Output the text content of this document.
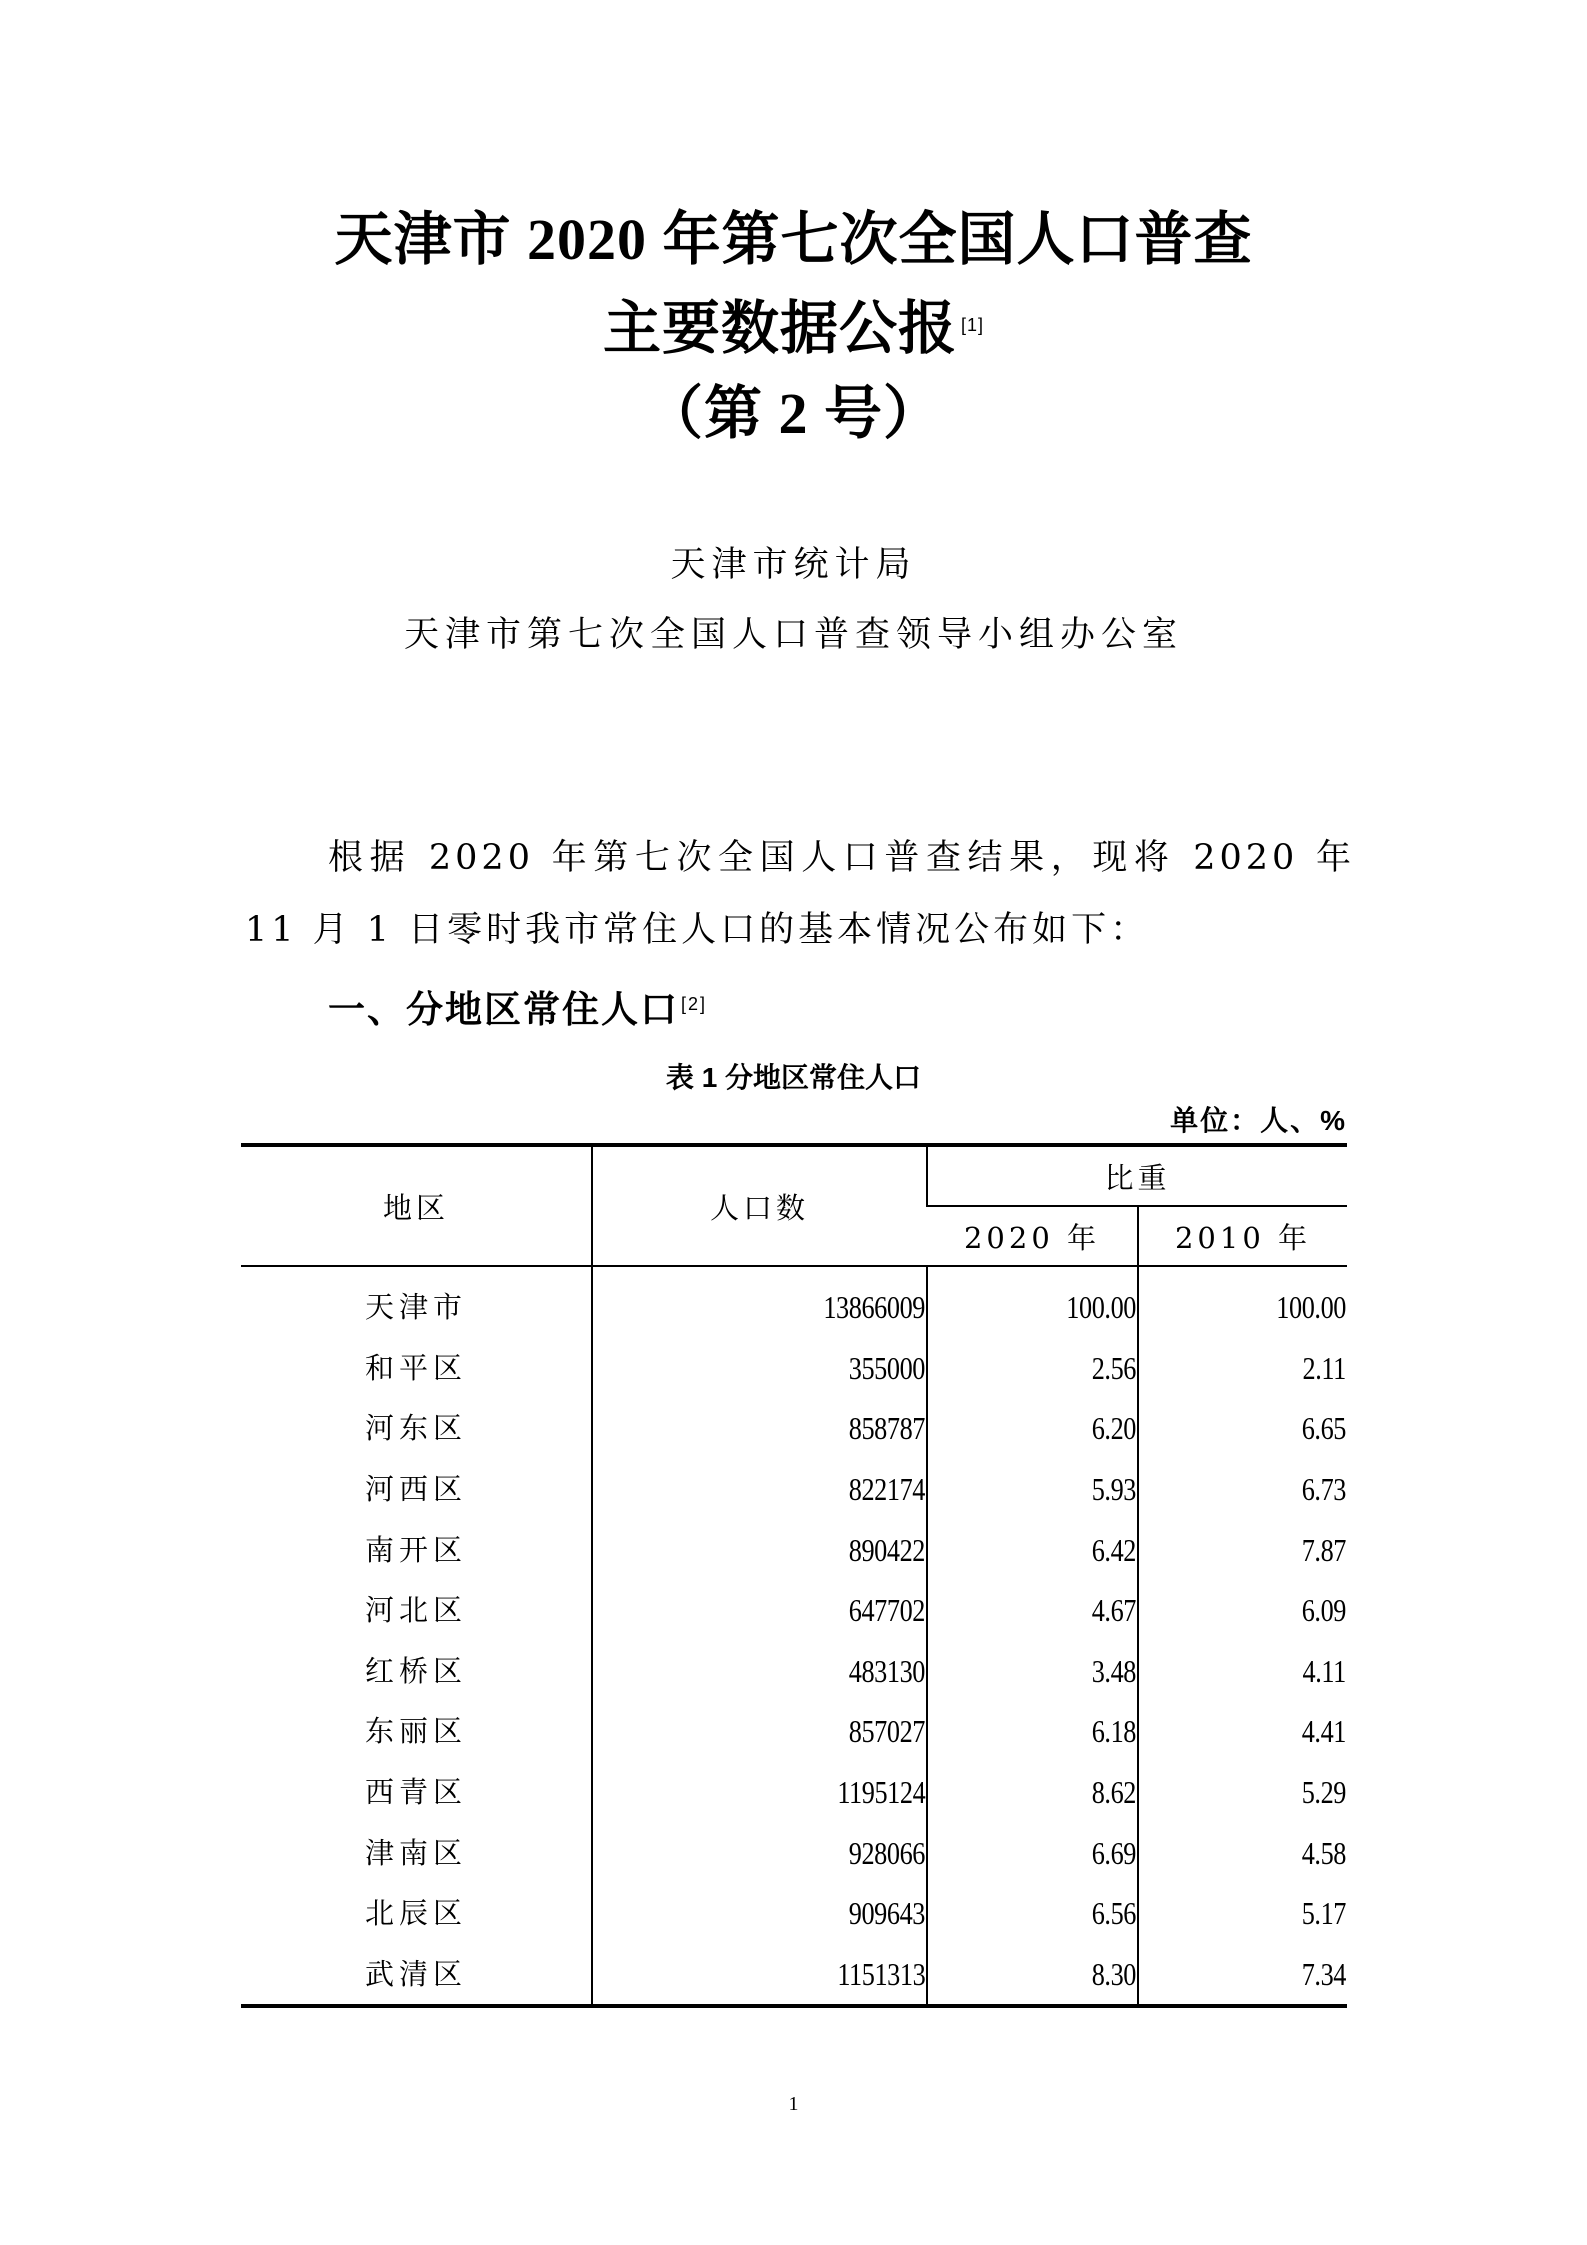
天津市 2020 年第七次全国人口普查
主要数据公报 [1]
（第 2 号）
天津市统计局
天津市第七次全国人口普查领导小组办公室

根据 2020 年第七次全国人口普查结果，现将 2020 年 11 月 1 日零时我市常住人口的基本情况公布如下：

一、分地区常住人口 [2]
表 1 分地区常住人口
单位：人、%
地区	人口数	比重	
		2020 年	2010 年
天津市	13866009	100.00	100.00
和平区	355000	2.56	2.11
河东区	858787	6.20	6.65
河西区	822174	5.93	6.73
南开区	890422	6.42	7.87
河北区	647702	4.67	6.09
红桥区	483130	3.48	4.11
东丽区	857027	6.18	4.41
西青区	1195124	8.62	5.29
津南区	928066	6.69	4.58
北辰区	909643	6.56	5.17
武清区	1151313	8.30	7.34
1
